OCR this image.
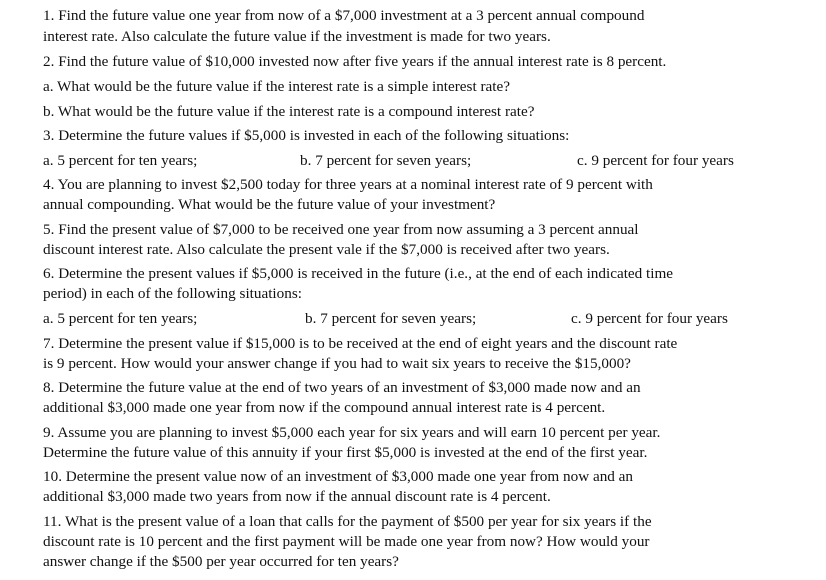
1. Find the future value one year from now of a $7,000 investment at a 3 percent annual compound
interest rate. Also calculate the future value if the investment is made for two years.
2. Find the future value of $10,000 invested now after five years if the annual interest rate is 8 percent.
a. What would be the future value if the interest rate is a simple interest rate?
b. What would be the future value if the interest rate is a compound interest rate?
3. Determine the future values if $5,000 is invested in each of the following situations:
a. 5 percent for ten years;	b. 7 percent for seven years;	c. 9 percent for four years
4. You are planning to invest $2,500 today for three years at a nominal interest rate of 9 percent with
annual compounding. What would be the future value of your investment?
5. Find the present value of $7,000 to be received one year from now assuming a 3 percent annual
discount interest rate. Also calculate the present vale if the $7,000 is received after two years.
6. Determine the present values if $5,000 is received in the future (i.e., at the end of each indicated time
period) in each of the following situations:
a. 5 percent for ten years;	b. 7 percent for seven years;	c. 9 percent for four years
7. Determine the present value if $15,000 is to be received at the end of eight years and the discount rate
is 9 percent. How would your answer change if you had to wait six years to receive the $15,000?
8. Determine the future value at the end of two years of an investment of $3,000 made now and an
additional $3,000 made one year from now if the compound annual interest rate is 4 percent.
9. Assume you are planning to invest $5,000 each year for six years and will earn 10 percent per year.
Determine the future value of this annuity if your first $5,000 is invested at the end of the first year.
10. Determine the present value now of an investment of $3,000 made one year from now and an
additional $3,000 made two years from now if the annual discount rate is 4 percent.
11. What is the present value of a loan that calls for the payment of $500 per year for six years if the
discount rate is 10 percent and the first payment will be made one year from now? How would your
answer change if the $500 per year occurred for ten years?
